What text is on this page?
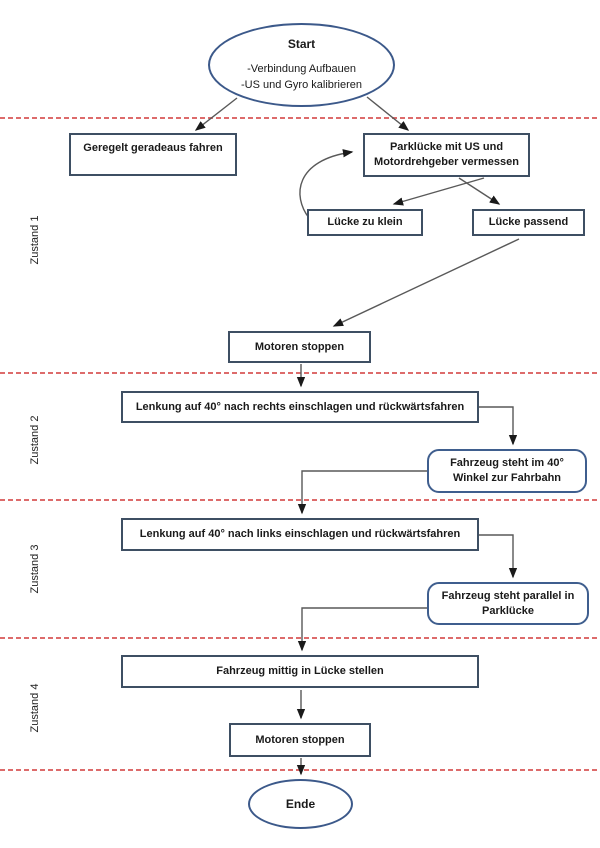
Zustand 1
Zustand 2
Zustand 3
Zustand 4
Start
-Verbindung Aufbauen
-US und Gyro kalibrieren
Geregelt geradeaus fahren	Parklücke mit US und Motordrehgeber vermessen
Lücke zu klein	Lücke passend
Motoren stoppen
Lenkung auf 40° nach rechts einschlagen und rückwärtsfahren
Fahrzeug steht im 40° Winkel zur Fahrbahn
Lenkung auf 40° nach links einschlagen und rückwärtsfahren
Fahrzeug steht parallel in Parklücke
Fahrzeug mittig in Lücke stellen
Motoren stoppen
Ende
